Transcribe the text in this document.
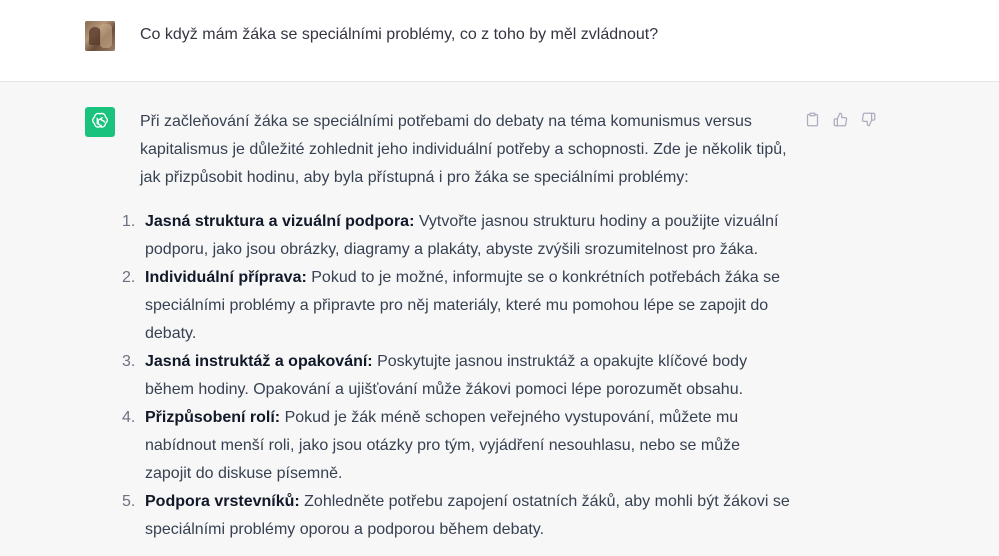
Co když mám žáka se speciálními problémy, co z toho by měl zvládnout?

Při začleňování žáka se speciálními potřebami do debaty na téma komunismus versus kapitalismus je důležité zohlednit jeho individuální potřeby a schopnosti. Zde je několik tipů, jak přizpůsobit hodinu, aby byla přístupná i pro žáka se speciálními problémy:

1. Jasná struktura a vizuální podpora: Vytvořte jasnou strukturu hodiny a použijte vizuální podporu, jako jsou obrázky, diagramy a plakáty, abyste zvýšili srozumitelnost pro žáka.
2. Individuální příprava: Pokud to je možné, informujte se o konkrétních potřebách žáka se speciálními problémy a připravte pro něj materiály, které mu pomohou lépe se zapojit do debaty.
3. Jasná instruktáž a opakování: Poskytujte jasnou instruktáž a opakujte klíčové body během hodiny. Opakování a ujišťování může žákovi pomoci lépe porozumět obsahu.
4. Přizpůsobení rolí: Pokud je žák méně schopen veřejného vystupování, můžete mu nabídnout menší roli, jako jsou otázky pro tým, vyjádření nesouhlasu, nebo se může zapojit do diskuse písemně.
5. Podpora vrstevníků: Zohledněte potřebu zapojení ostatních žáků, aby mohli být žákovi se speciálními problémy oporou a podporou během debaty.
